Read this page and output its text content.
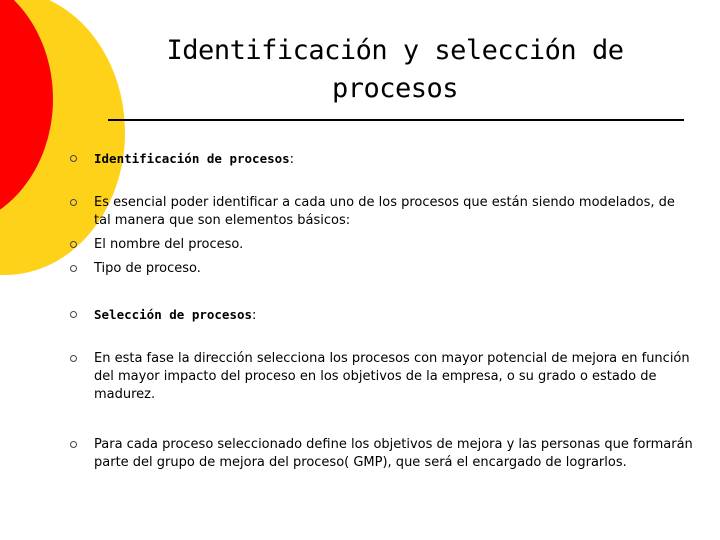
Identificación y selección de
procesos
Identificación de procesos:
Es esencial poder identificar a cada uno de los procesos que están siendo modelados, de tal manera que son elementos básicos:
El nombre del proceso.
Tipo de proceso.
Selección de procesos:
En esta fase la dirección selecciona los procesos con mayor potencial de mejora en función del mayor impacto del proceso en los objetivos de la empresa, o su grado o estado de madurez.
Para cada proceso seleccionado define los objetivos de mejora y las personas que formarán parte del grupo de mejora del proceso( GMP), que será el encargado de lograrlos.
